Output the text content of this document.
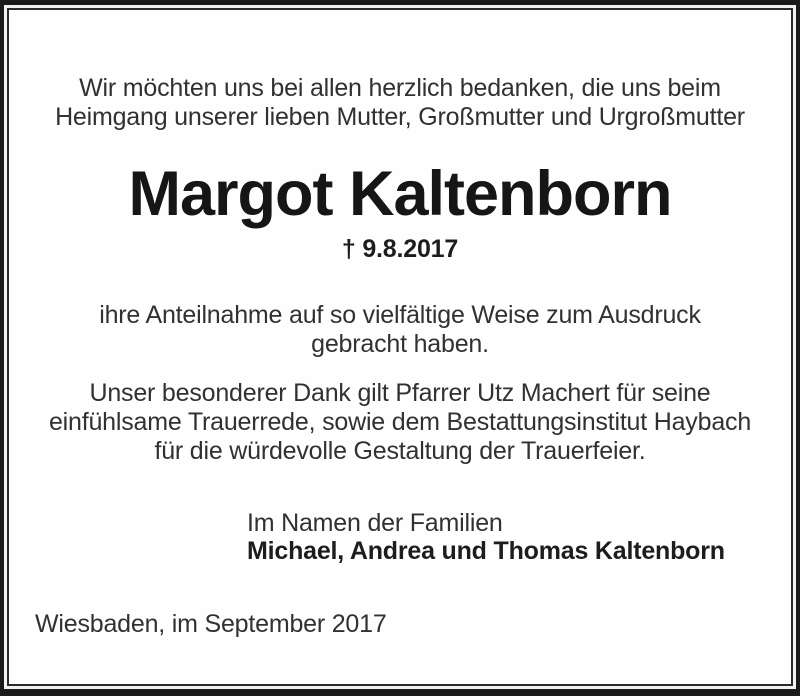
Wir möchten uns bei allen herzlich bedanken, die uns beim
Heimgang unserer lieben Mutter, Großmutter und Urgroßmutter
Margot Kaltenborn
† 9.8.2017
ihre Anteilnahme auf so vielfältige Weise zum Ausdruck
gebracht haben.
Unser besonderer Dank gilt Pfarrer Utz Machert für seine
einfühlsame Trauerrede, sowie dem Bestattungsinstitut Haybach
für die würdevolle Gestaltung der Trauerfeier.
Im Namen der Familien
Michael, Andrea und Thomas Kaltenborn
Wiesbaden, im September 2017
